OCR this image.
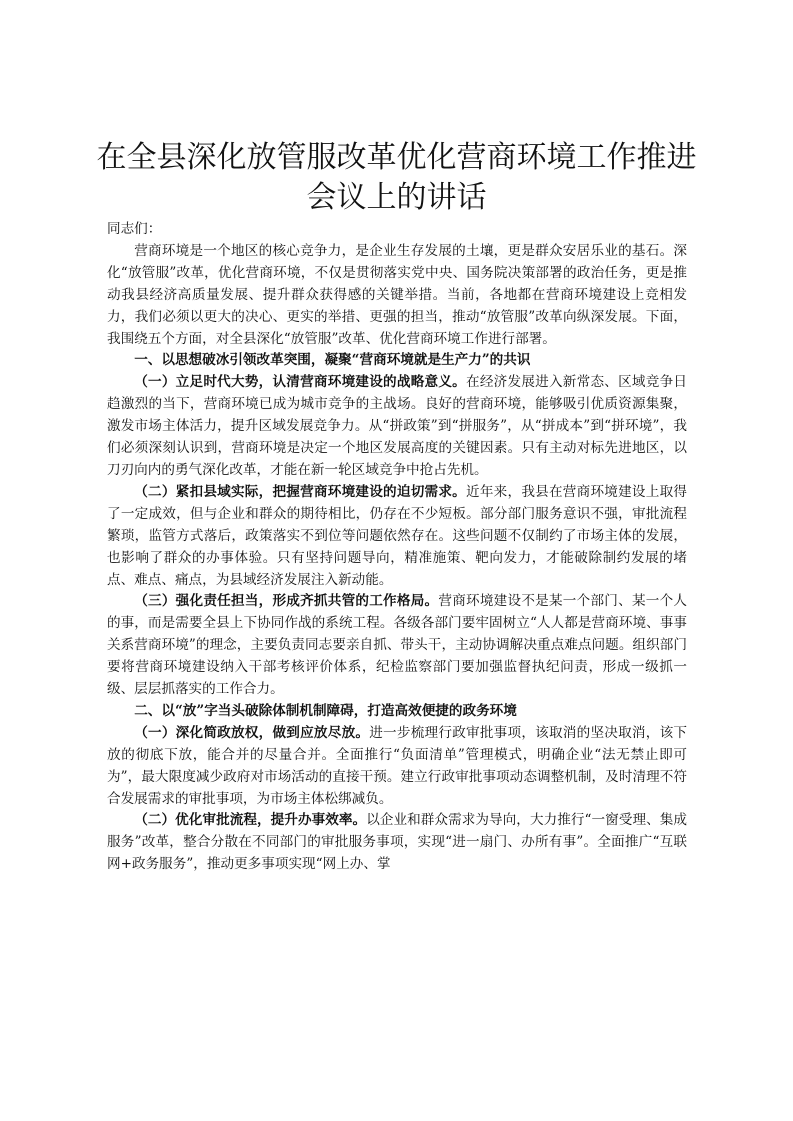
在全县深化放管服改革优化营商环境工作推进
会议上的讲话

同志们：

营商环境是一个地区的核心竞争力，是企业生存发展的土壤，更是群众安居乐业的基石。深化“放管服”改革，优化营商环境，不仅是贯彻落实党中央、国务院决策部署的政治任务，更是推动我县经济高质量发展、提升群众获得感的关键举措。当前，各地都在营商环境建设上竞相发力，我们必须以更大的决心、更实的举措、更强的担当，推动“放管服”改革向纵深发展。下面，我围绕五个方面，对全县深化“放管服”改革、优化营商环境工作进行部署。

一、以思想破冰引领改革突围，凝聚“营商环境就是生产力”的共识

（一）立足时代大势，认清营商环境建设的战略意义。在经济发展进入新常态、区域竞争日趋激烈的当下，营商环境已成为城市竞争的主战场。良好的营商环境，能够吸引优质资源集聚，激发市场主体活力，提升区域发展竞争力。从“拼政策”到“拼服务”，从“拼成本”到“拼环境”，我们必须深刻认识到，营商环境是决定一个地区发展高度的关键因素。只有主动对标先进地区，以刀刃向内的勇气深化改革，才能在新一轮区域竞争中抢占先机。

（二）紧扣县域实际，把握营商环境建设的迫切需求。近年来，我县在营商环境建设上取得了一定成效，但与企业和群众的期待相比，仍存在不少短板。部分部门服务意识不强，审批流程繁琐，监管方式落后，政策落实不到位等问题依然存在。这些问题不仅制约了市场主体的发展，也影响了群众的办事体验。只有坚持问题导向，精准施策、靶向发力，才能破除制约发展的堵点、难点、痛点，为县域经济发展注入新动能。

（三）强化责任担当，形成齐抓共管的工作格局。营商环境建设不是某一个部门、某一个人的事，而是需要全县上下协同作战的系统工程。各级各部门要牢固树立“人人都是营商环境、事事关系营商环境”的理念，主要负责同志要亲自抓、带头干，主动协调解决重点难点问题。组织部门要将营商环境建设纳入干部考核评价体系，纪检监察部门要加强监督执纪问责，形成一级抓一级、层层抓落实的工作合力。

二、以“放”字当头破除体制机制障碍，打造高效便捷的政务环境

（一）深化简政放权，做到应放尽放。进一步梳理行政审批事项，该取消的坚决取消，该下放的彻底下放，能合并的尽量合并。全面推行“负面清单”管理模式，明确企业“法无禁止即可为”，最大限度减少政府对市场活动的直接干预。建立行政审批事项动态调整机制，及时清理不符合发展需求的审批事项，为市场主体松绑减负。

（二）优化审批流程，提升办事效率。以企业和群众需求为导向，大力推行“一窗受理、集成服务”改革，整合分散在不同部门的审批服务事项，实现“进一扇门、办所有事”。全面推广“互联网+政务服务”，推动更多事项实现“网上办、掌
